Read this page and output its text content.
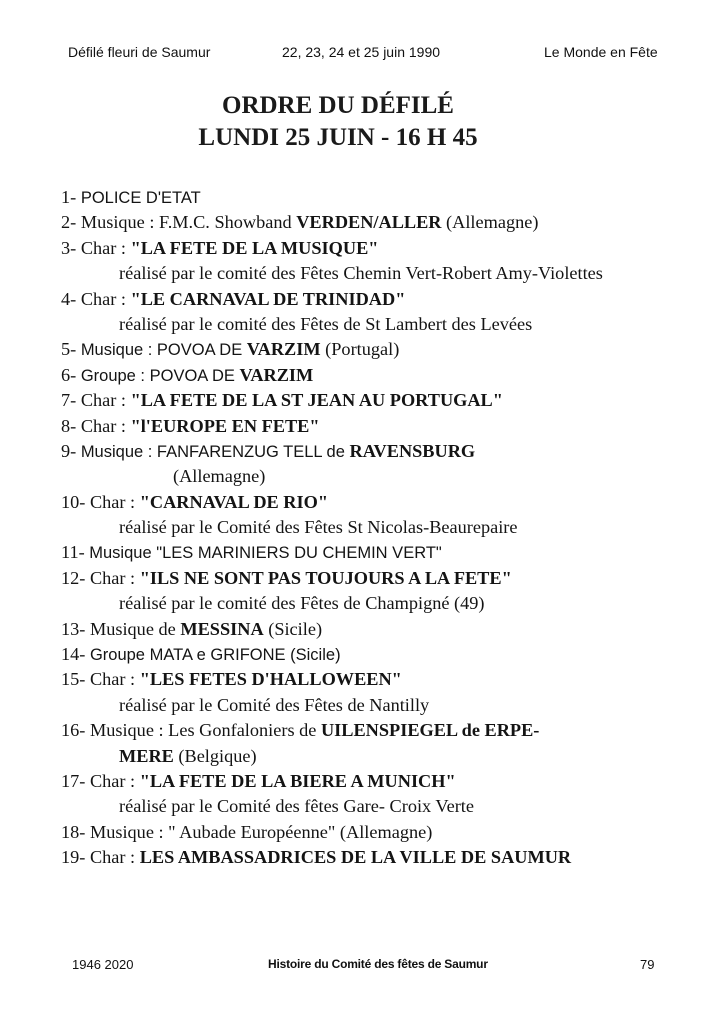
Défilé fleuri de Saumur	22, 23, 24 et 25 juin 1990	Le Monde en Fête
ORDRE DU DÉFILÉ
LUNDI 25 JUIN - 16 H 45
1- POLICE D'ETAT
2- Musique : F.M.C. Showband VERDEN/ALLER (Allemagne)
3- Char : "LA FETE DE LA MUSIQUE"
réalisé par le comité des Fêtes Chemin Vert-Robert Amy-Violettes
4- Char : "LE CARNAVAL DE TRINIDAD"
réalisé par le comité des Fêtes de St Lambert des Levées
5- Musique : POVOA DE VARZIM (Portugal)
6- Groupe : POVOA DE VARZIM
7- Char : "LA FETE DE LA ST JEAN AU PORTUGAL"
8- Char : "l'EUROPE EN FETE"
9- Musique : FANFARENZUG TELL de RAVENSBURG
(Allemagne)
10- Char : "CARNAVAL DE RIO"
réalisé par le Comité des Fêtes St Nicolas-Beaurepaire
11- Musique "LES MARINIERS DU CHEMIN VERT"
12- Char : "ILS NE SONT PAS TOUJOURS A LA FETE"
réalisé par le comité des Fêtes de Champigné (49)
13- Musique de MESSINA (Sicile)
14- Groupe MATA e GRIFONE (Sicile)
15- Char : "LES FETES D'HALLOWEEN"
réalisé par le Comité des Fêtes de Nantilly
16- Musique : Les Gonfaloniers de UILENSPIEGEL de ERPE-
MERE (Belgique)
17- Char : "LA FETE DE LA BIERE A MUNICH"
réalisé par le Comité des fêtes Gare- Croix Verte
18- Musique : " Aubade Européenne" (Allemagne)
19- Char : LES AMBASSADRICES DE LA VILLE DE SAUMUR
1946 2020	Histoire du Comité des fêtes de Saumur	79
